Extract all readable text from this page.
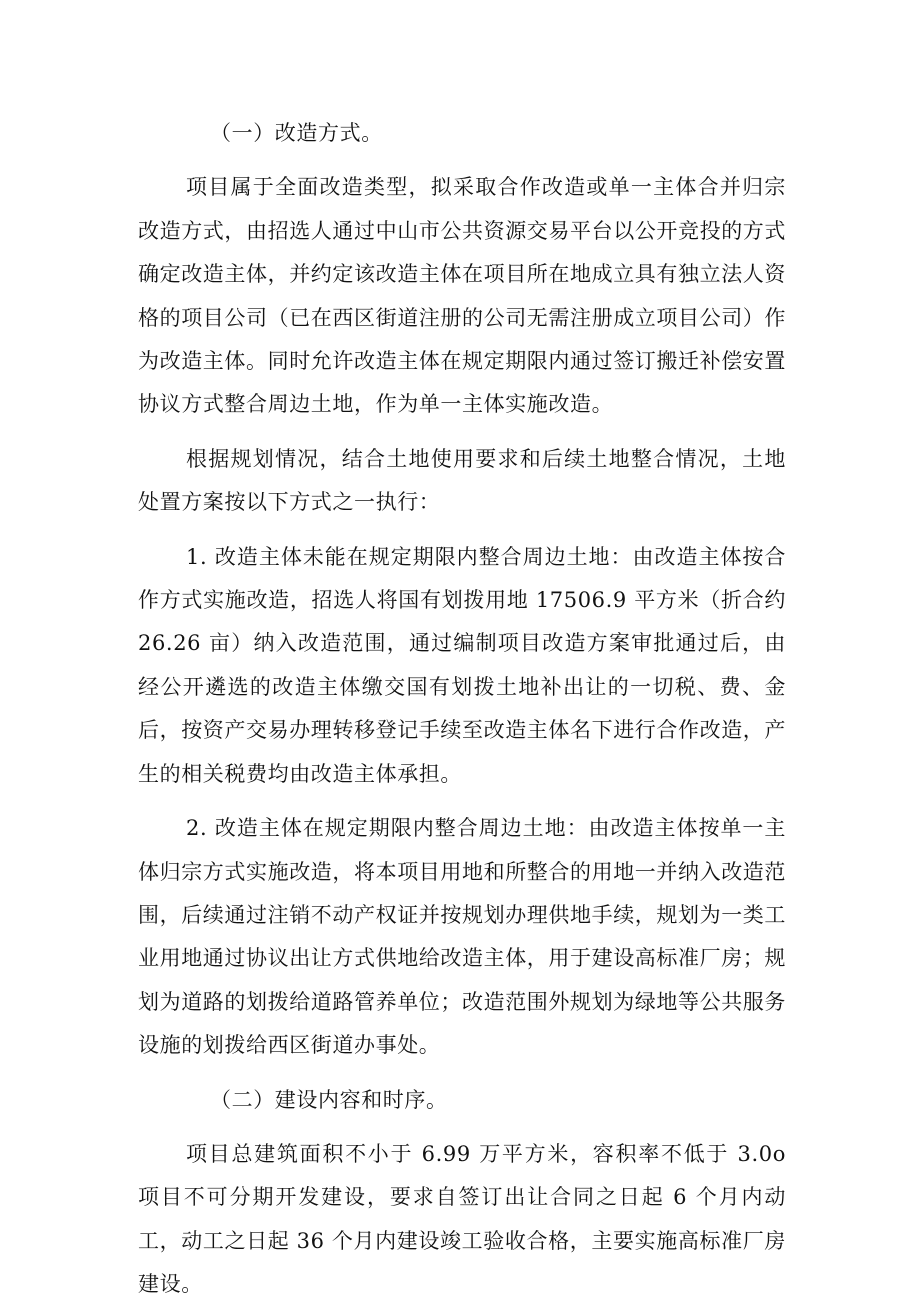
（一）改造方式。

项目属于全面改造类型，拟采取合作改造或单一主体合并归宗改造方式，由招选人通过中山市公共资源交易平台以公开竞投的方式确定改造主体，并约定该改造主体在项目所在地成立具有独立法人资格的项目公司（已在西区街道注册的公司无需注册成立项目公司）作为改造主体。同时允许改造主体在规定期限内通过签订搬迁补偿安置协议方式整合周边土地，作为单一主体实施改造。

根据规划情况，结合土地使用要求和后续土地整合情况，土地处置方案按以下方式之一执行：

1. 改造主体未能在规定期限内整合周边土地：由改造主体按合作方式实施改造，招选人将国有划拨用地 17506.9 平方米（折合约 26.26 亩）纳入改造范围，通过编制项目改造方案审批通过后，由经公开遴选的改造主体缴交国有划拨土地补出让的一切税、费、金后，按资产交易办理转移登记手续至改造主体名下进行合作改造，产生的相关税费均由改造主体承担。

2. 改造主体在规定期限内整合周边土地：由改造主体按单一主体归宗方式实施改造，将本项目用地和所整合的用地一并纳入改造范围，后续通过注销不动产权证并按规划办理供地手续，规划为一类工业用地通过协议出让方式供地给改造主体，用于建设高标准厂房；规划为道路的划拨给道路管养单位；改造范围外规划为绿地等公共服务设施的划拨给西区街道办事处。

（二）建设内容和时序。

项目总建筑面积不小于 6.99 万平方米，容积率不低于 3.0o 项目不可分期开发建设，要求自签订出让合同之日起 6 个月内动工，动工之日起 36 个月内建设竣工验收合格，主要实施高标准厂房建设。
